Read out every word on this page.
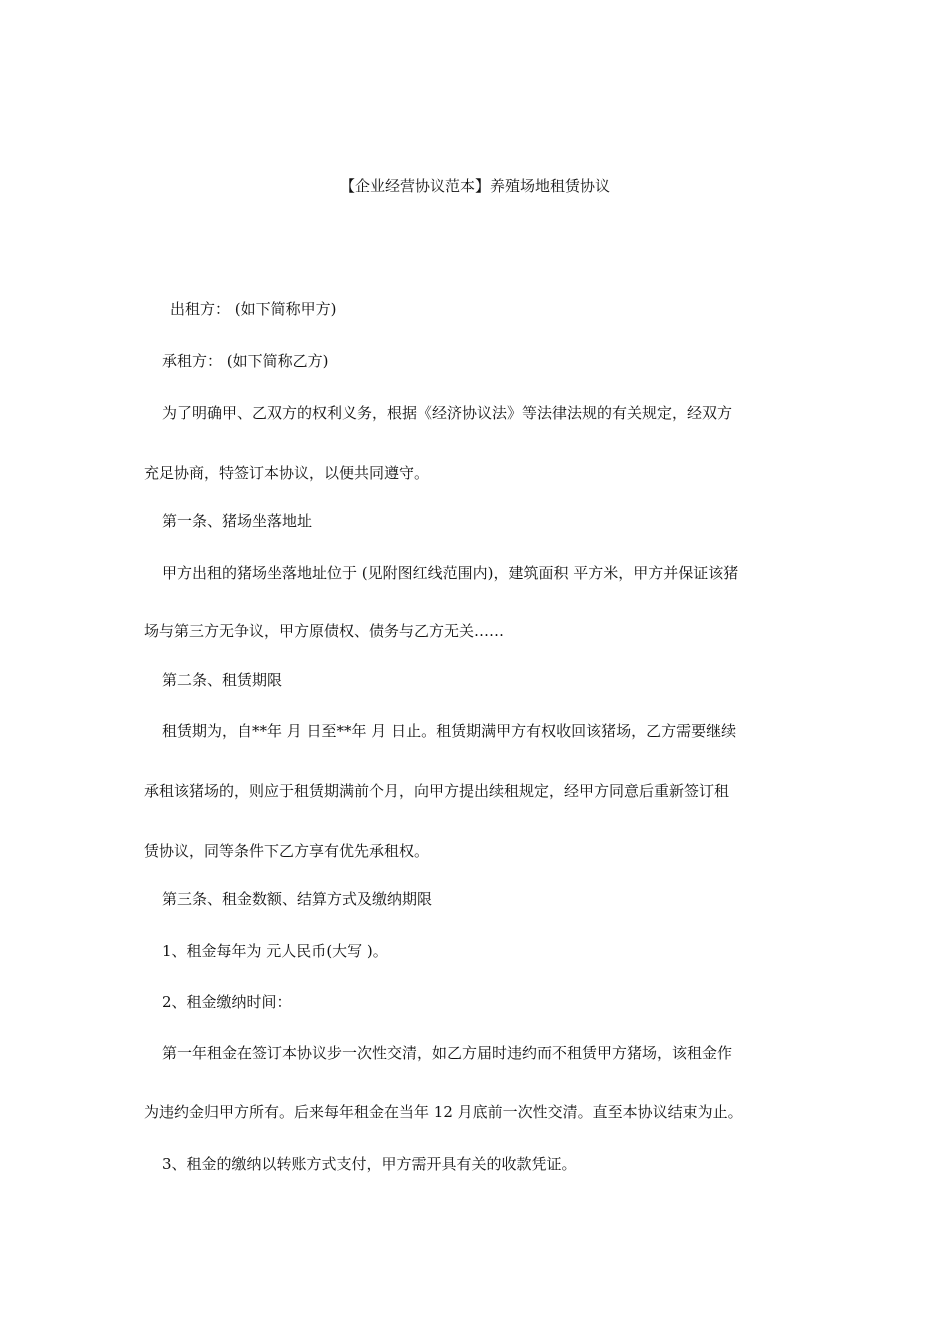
【企业经营协议范本】养殖场地租赁协议
出租方： (如下简称甲方)
承租方： (如下简称乙方)
为了明确甲、乙双方的权利义务，根据《经济协议法》等法律法规的有关规定，经双方
充足协商，特签订本协议，以便共同遵守。
第一条、猪场坐落地址
甲方出租的猪场坐落地址位于 (见附图红线范围内)，建筑面积 平方米，甲方并保证该猪
场与第三方无争议，甲方原债权、债务与乙方无关……
第二条、租赁期限
租赁期为，自**年 月 日至**年 月 日止。租赁期满甲方有权收回该猪场，乙方需要继续
承租该猪场的，则应于租赁期满前个月，向甲方提出续租规定，经甲方同意后重新签订租
赁协议，同等条件下乙方享有优先承租权。
第三条、租金数额、结算方式及缴纳期限
1、租金每年为 元人民币(大写 )。
2、租金缴纳时间：
第一年租金在签订本协议步一次性交清，如乙方届时违约而不租赁甲方猪场，该租金作
为违约金归甲方所有。后来每年租金在当年 12 月底前一次性交清。直至本协议结束为止。
3、租金的缴纳以转账方式支付，甲方需开具有关的收款凭证。
